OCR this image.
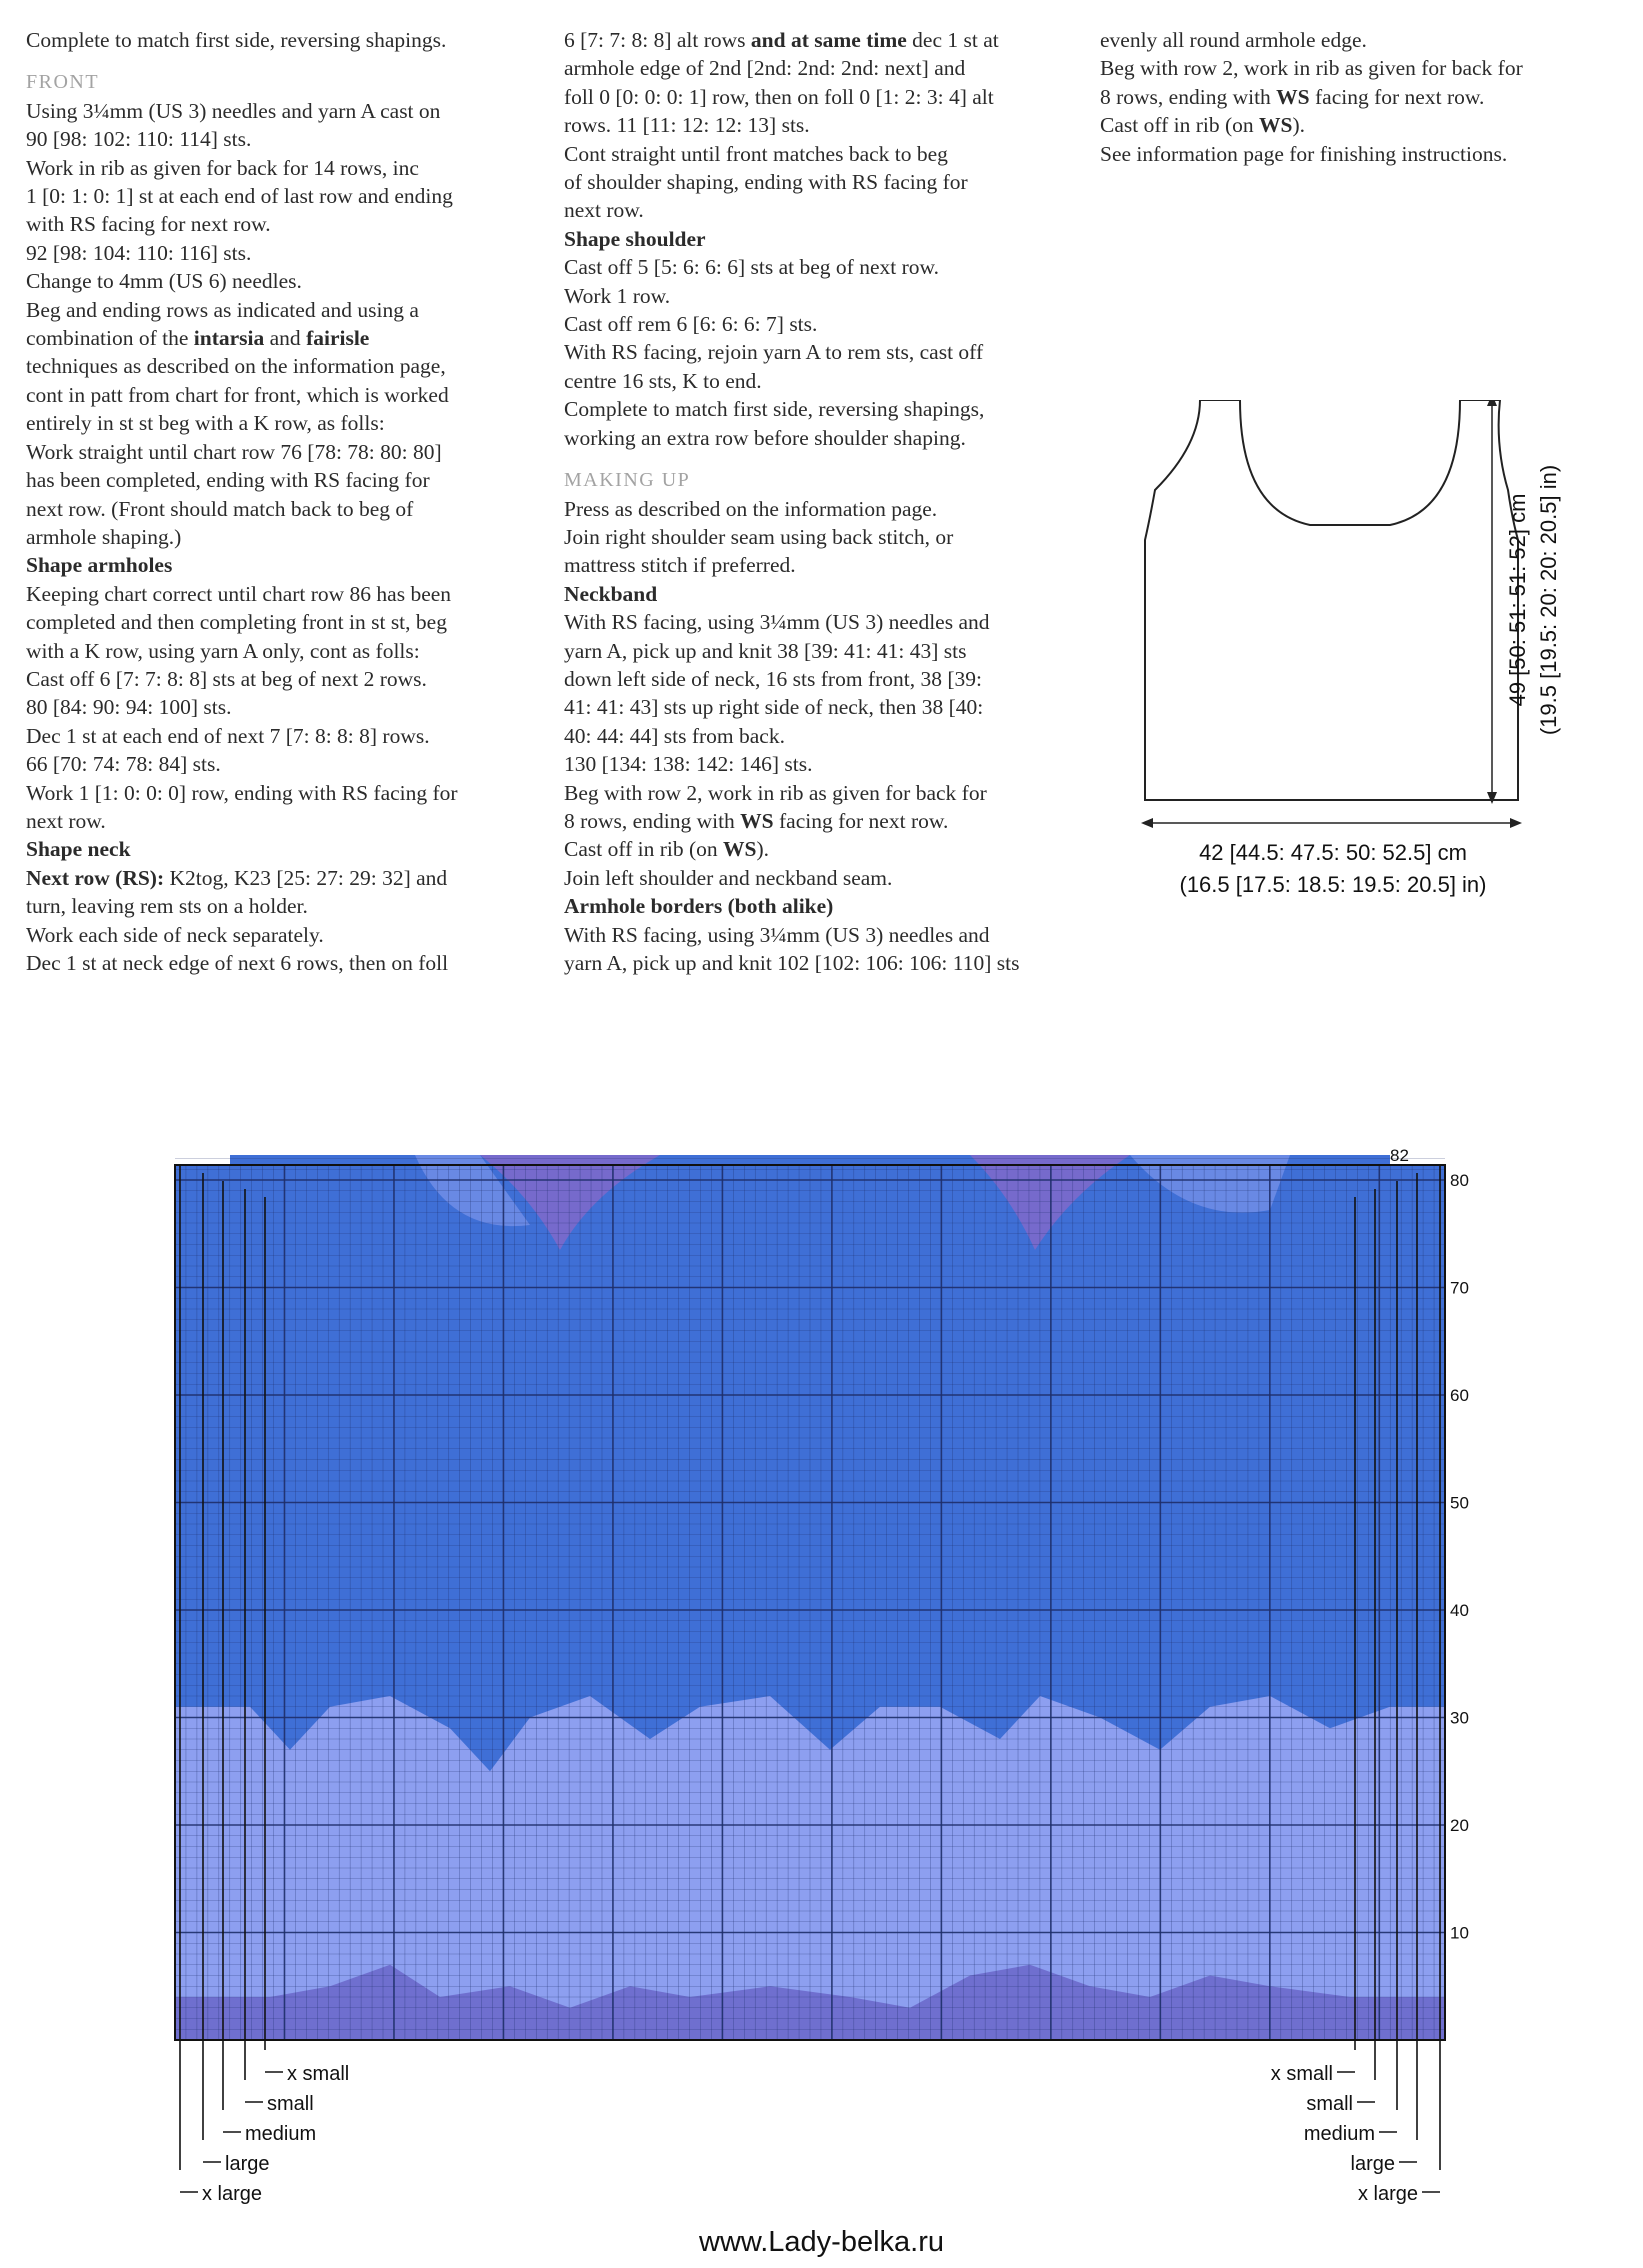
Complete to match first side, reversing shapings.

FRONT

Using 3¼mm (US 3) needles and yarn A cast on

90 [98: 102: 110: 114] sts.

Work in rib as given for back for 14 rows, inc

1 [0: 1: 0: 1] st at each end of last row and ending

with RS facing for next row.

92 [98: 104: 110: 116] sts.

Change to 4mm (US 6) needles.

Beg and ending rows as indicated and using a

combination of the intarsia and fairisle

techniques as described on the information page,

cont in patt from chart for front, which is worked

entirely in st st beg with a K row, as folls:

Work straight until chart row 76 [78: 78: 80: 80]

has been completed, ending with RS facing for

next row. (Front should match back to beg of

armhole shaping.)

Shape armholes

Keeping chart correct until chart row 86 has been

completed and then completing front in st st, beg

with a K row, using yarn A only, cont as folls:

Cast off 6 [7: 7: 8: 8] sts at beg of next 2 rows.

80 [84: 90: 94: 100] sts.

Dec 1 st at each end of next 7 [7: 8: 8: 8] rows.

66 [70: 74: 78: 84] sts.

Work 1 [1: 0: 0: 0] row, ending with RS facing for

next row.

Shape neck

Next row (RS): K2tog, K23 [25: 27: 29: 32] and

turn, leaving rem sts on a holder.

Work each side of neck separately.

Dec 1 st at neck edge of next 6 rows, then on foll

6 [7: 7: 8: 8] alt rows and at same time dec 1 st at

armhole edge of 2nd [2nd: 2nd: 2nd: next] and

foll 0 [0: 0: 0: 1] row, then on foll 0 [1: 2: 3: 4] alt

rows. 11 [11: 12: 12: 13] sts.

Cont straight until front matches back to beg

of shoulder shaping, ending with RS facing for

next row.

Shape shoulder

Cast off 5 [5: 6: 6: 6] sts at beg of next row.

Work 1 row.

Cast off rem 6 [6: 6: 6: 7] sts.

With RS facing, rejoin yarn A to rem sts, cast off

centre 16 sts, K to end.

Complete to match first side, reversing shapings,

working an extra row before shoulder shaping.

MAKING UP

Press as described on the information page.

Join right shoulder seam using back stitch, or

mattress stitch if preferred.

Neckband

With RS facing, using 3¼mm (US 3) needles and

yarn A, pick up and knit 38 [39: 41: 41: 43] sts

down left side of neck, 16 sts from front, 38 [39:

41: 41: 43] sts up right side of neck, then 38 [40:

40: 44: 44] sts from back.

130 [134: 138: 142: 146] sts.

Beg with row 2, work in rib as given for back for

8 rows, ending with WS facing for next row.

Cast off in rib (on WS).

Join left shoulder and neckband seam.

Armhole borders (both alike)

With RS facing, using 3¼mm (US 3) needles and

yarn A, pick up and knit 102 [102: 106: 106: 110] sts

evenly all round armhole edge.

Beg with row 2, work in rib as given for back for

8 rows, ending with WS facing for next row.

Cast off in rib (on WS).

See information page for finishing instructions.

42 [44.5: 47.5: 50: 52.5] cm
(16.5 [17.5: 18.5: 19.5: 20.5] in)
49 [50: 51: 51: 52] cm (19.5 [19.5: 20: 20: 20.5] in)
x small
small
medium
large
x large
x small
small
medium
large
x large
10
20
30
40
50
60
70
80
82
www.Lady-belka.ru
